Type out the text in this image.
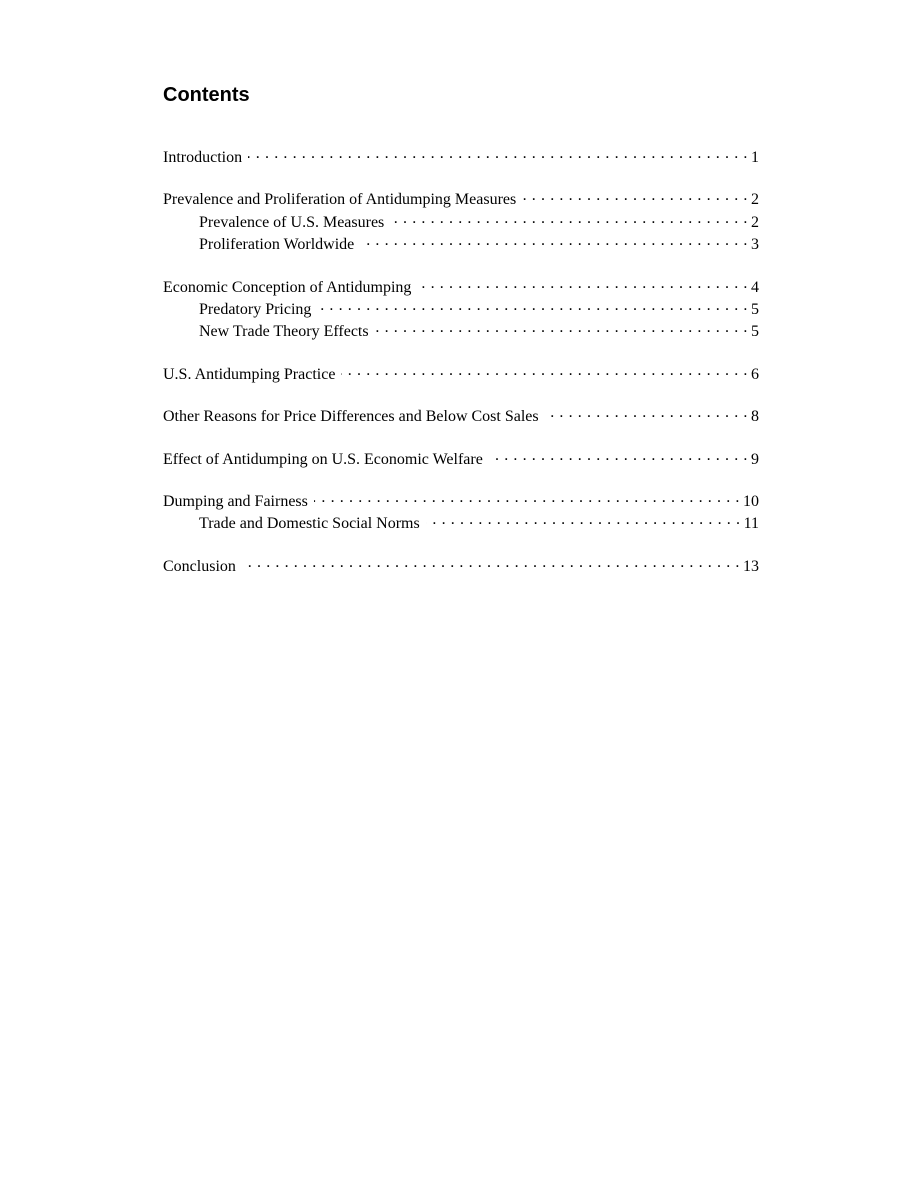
Contents
Introduction . . .	1
Prevalence and Proliferation of Antidumping Measures . . .	2
Prevalence of U.S. Measures . . .	2
Proliferation Worldwide . . .	3
Economic Conception of Antidumping . . .	4
Predatory Pricing . . .	5
New Trade Theory Effects . . .	5
U.S. Antidumping Practice . . .	6
Other Reasons for Price Differences and Below Cost Sales . . .	8
Effect of Antidumping on U.S. Economic Welfare . . .	9
Dumping and Fairness . . .	10
Trade and Domestic Social Norms . . .	11
Conclusion . . .	13
